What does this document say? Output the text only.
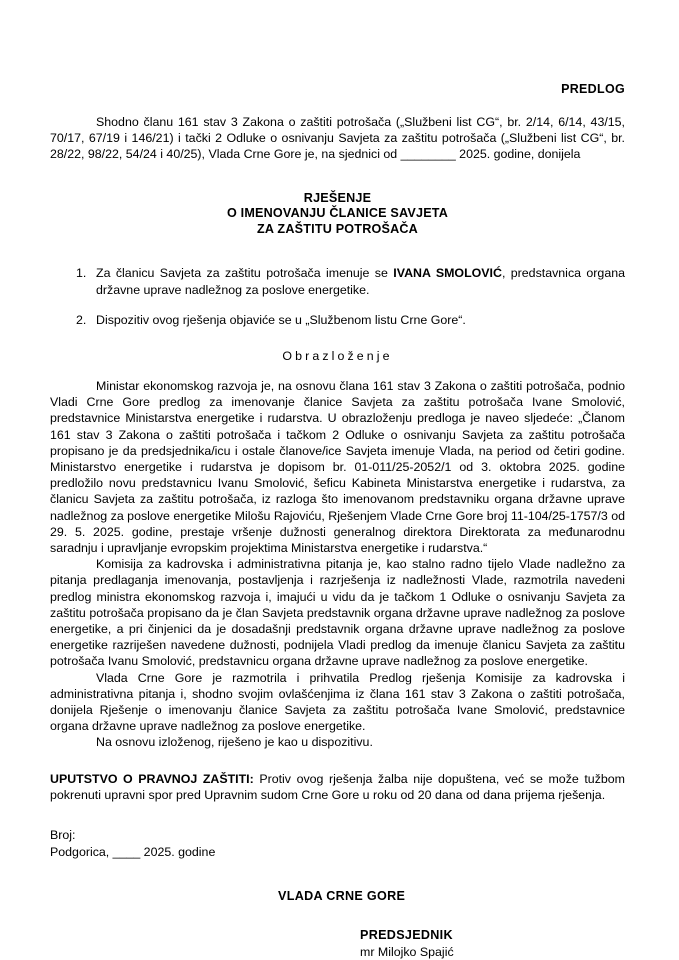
PREDLOG

Shodno članu 161 stav 3 Zakona o zaštiti potrošača („Službeni list CG“, br. 2/14, 6/14, 43/15, 70/17, 67/19 i 146/21) i tački 2 Odluke o osnivanju Savjeta za zaštitu potrošača („Službeni list CG“, br. 28/22, 98/22, 54/24 i 40/25), Vlada Crne Gore je, na sjednici od ________ 2025. godine, donijela

RJEŠENJE
O IMENOVANJU ČLANICE SAVJETA
ZA ZAŠTITU POTROŠAČA
1. Za članicu Savjeta za zaštitu potrošača imenuje se IVANA SMOLOVIĆ, predstavnica organa državne uprave nadležnog za poslove energetike.
2. Dispozitiv ovog rješenja objaviće se u „Službenom listu Crne Gore“.

Obrazloženje

Ministar ekonomskog razvoja je, na osnovu člana 161 stav 3 Zakona o zaštiti potrošača, podnio Vladi Crne Gore predlog za imenovanje članice Savjeta za zaštitu potrošača Ivane Smolović, predstavnice Ministarstva energetike i rudarstva. U obrazloženju predloga je naveo sljedeće: „Članom 161 stav 3 Zakona o zaštiti potrošača i tačkom 2 Odluke o osnivanju Savjeta za zaštitu potrošača propisano je da predsjednika/icu i ostale članove/ice Savjeta imenuje Vlada, na period od četiri godine. Ministarstvo energetike i rudarstva je dopisom br. 01-011/25-2052/1 od 3. oktobra 2025. godine predložilo novu predstavnicu Ivanu Smolović, šeficu Kabineta Ministarstva energetike i rudarstva, za članicu Savjeta za zaštitu potrošača, iz razloga što imenovanom predstavniku organa državne uprave nadležnog za poslove energetike Milošu Rajoviću, Rješenjem Vlade Crne Gore broj 11-104/25-1757/3 od 29. 5. 2025. godine, prestaje vršenje dužnosti generalnog direktora Direktorata za međunarodnu saradnju i upravljanje evropskim projektima Ministarstva energetike i rudarstva.“

Komisija za kadrovska i administrativna pitanja je, kao stalno radno tijelo Vlade nadležno za pitanja predlaganja imenovanja, postavljenja i razrješenja iz nadležnosti Vlade, razmotrila navedeni predlog ministra ekonomskog razvoja i, imajući u vidu da je tačkom 1 Odluke o osnivanju Savjeta za zaštitu potrošača propisano da je član Savjeta predstavnik organa državne uprave nadležnog za poslove energetike, a pri činjenici da je dosadašnji predstavnik organa državne uprave nadležnog za poslove energetike razriješen navedene dužnosti, podnijela Vladi predlog da imenuje članicu Savjeta za zaštitu potrošača Ivanu Smolović, predstavnicu organa državne uprave nadležnog za poslove energetike.

Vlada Crne Gore je razmotrila i prihvatila Predlog rješenja Komisije za kadrovska i administrativna pitanja i, shodno svojim ovlašćenjima iz člana 161 stav 3 Zakona o zaštiti potrošača, donijela Rješenje o imenovanju članice Savjeta za zaštitu potrošača Ivane Smolović, predstavnice organa državne uprave nadležnog za poslove energetike.

Na osnovu izloženog, riješeno je kao u dispozitivu.

UPUTSTVO O PRAVNOJ ZAŠTITI: Protiv ovog rješenja žalba nije dopuštena, već se može tužbom pokrenuti upravni spor pred Upravnim sudom Crne Gore u roku od 20 dana od dana prijema rješenja.

Broj:

Podgorica, ____ 2025. godine

VLADA CRNE GORE

PREDSJEDNIK
mr Milojko Spajić
